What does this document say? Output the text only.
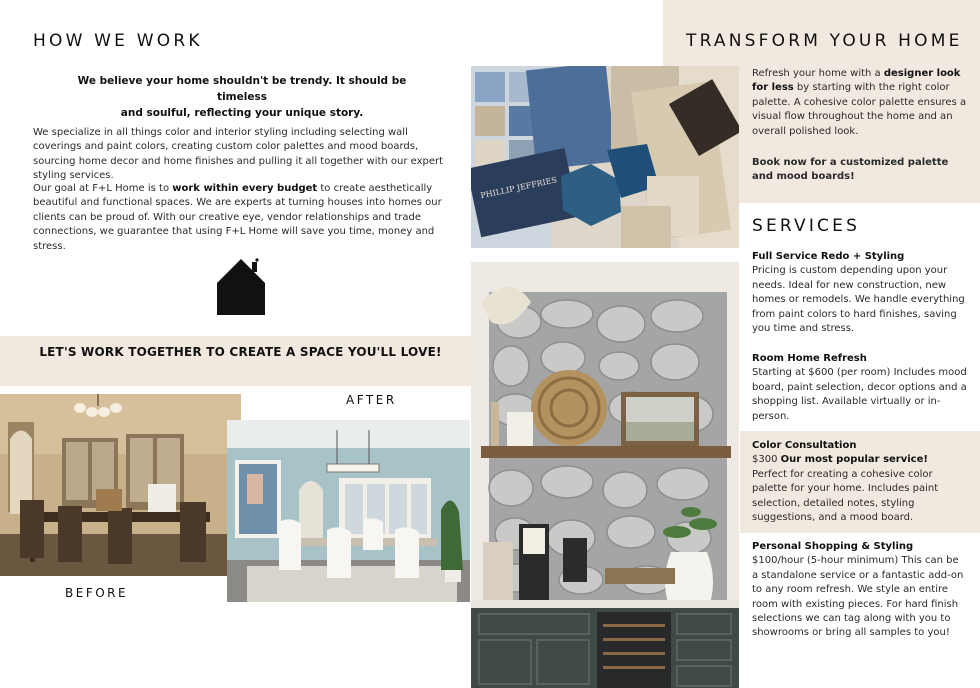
HOW WE WORK
We believe your home shouldn't be trendy. It should be timeless
and soulful, reflecting your unique story.

We specialize in all things color and interior styling including selecting wall coverings and paint colors, creating custom color palettes and mood boards, sourcing home decor and home finishes and pulling it all together with our expert styling services.

Our goal at F+L Home is to work within every budget to create aesthetically beautiful and functional spaces. We are experts at turning houses into homes our clients can be proud of. With our creative eye, vendor relationships and trade connections, we guarantee that using F+L Home will save you time, money and stress.

LET'S WORK TOGETHER TO CREATE A SPACE YOU'LL LOVE!
BEFORE
AFTER
PHILLIP JEFFRIES
TRANSFORM YOUR HOME

Refresh your home with a designer look for less by starting with the right color palette. A cohesive color palette ensures a visual flow throughout the home and an overall polished look.

Book now for a customized palette and mood boards!

SERVICES
Full Service Redo + Styling
Pricing is custom depending upon your needs. Ideal for new construction, new homes or remodels. We handle everything from paint colors to hard finishes, saving you time and stress.
Room Home Refresh
Starting at $600 (per room) Includes mood board, paint selection, decor options and a shopping list. Available virtually or in-person.
Color Consultation
$300 Our most popular service!
Perfect for creating a cohesive color palette for your home. Includes paint selection, detailed notes, styling suggestions, and a mood board.
Personal Shopping & Styling
$100/hour (5-hour minimum) This can be a standalone service or a fantastic add-on to any room refresh. We style an entire room with existing pieces. For hard finish selections we can tag along with you to showrooms or bring all samples to you!
